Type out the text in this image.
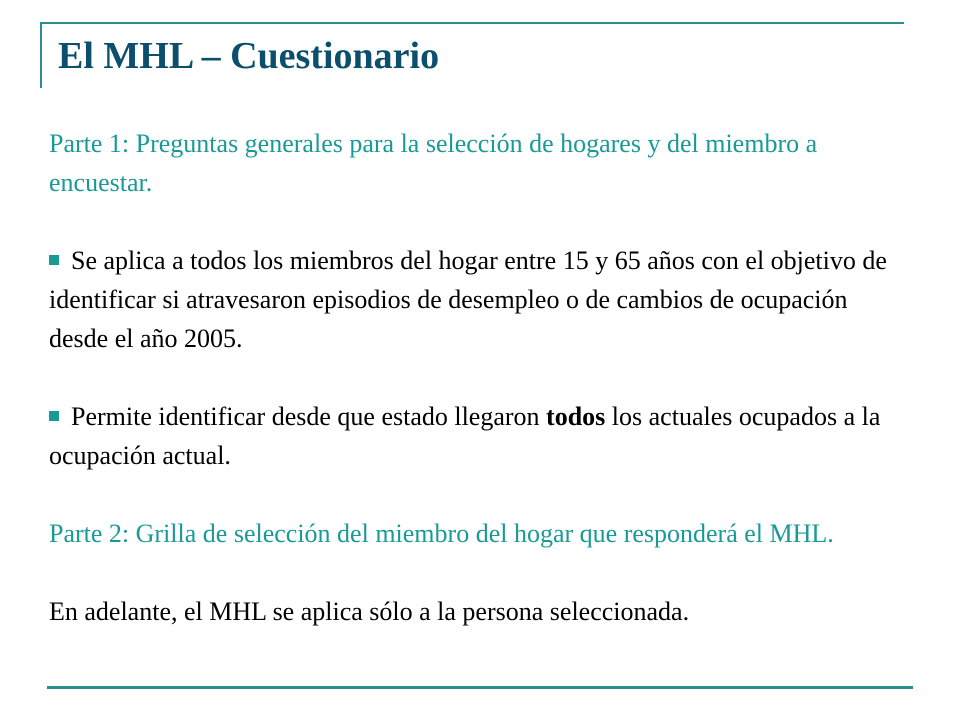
El MHL – Cuestionario

Parte 1: Preguntas generales para la selección de hogares y del miembro a encuestar.

Se aplica a todos los miembros del hogar entre 15 y 65 años con el objetivo de identificar si atravesaron episodios de desempleo o de cambios de ocupación desde el año 2005.

Permite identificar desde que estado llegaron todos los actuales ocupados a la ocupación actual.

Parte 2: Grilla de selección del miembro del hogar que responderá el MHL.

En adelante, el MHL se aplica sólo a la persona seleccionada.
